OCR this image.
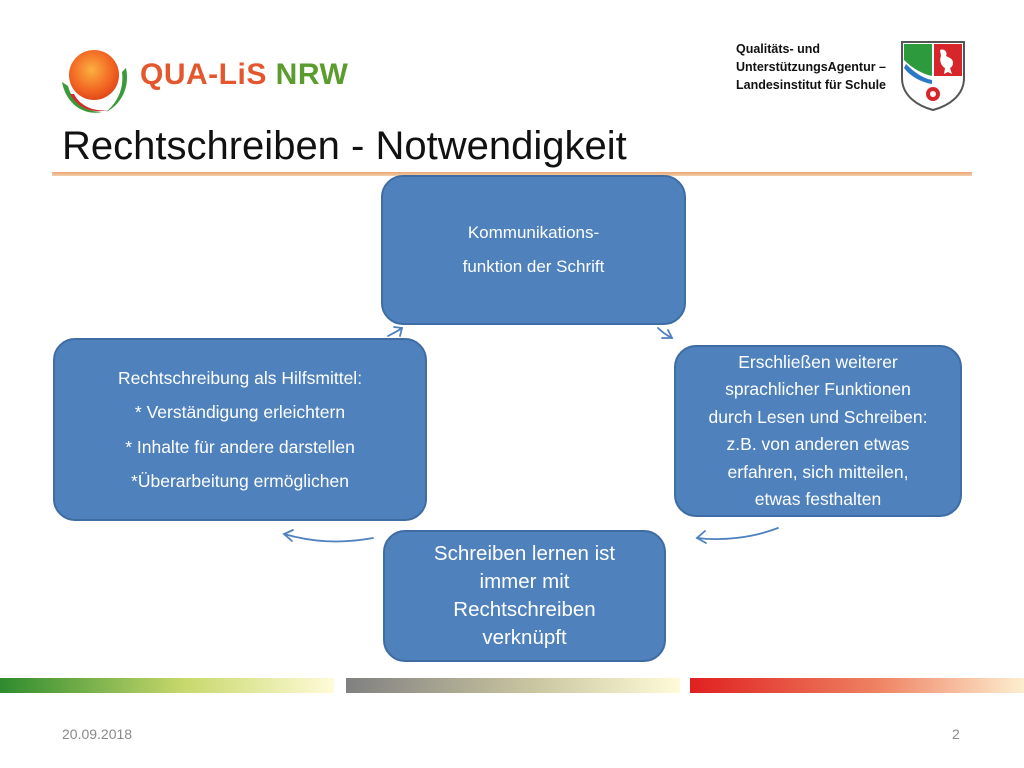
QUA-LiS NRW
Qualitäts- und
UnterstützungsAgentur –
Landesinstitut für Schule
Rechtschreiben - Notwendigkeit
Kommunikations-
funktion der Schrift
Erschließen weiterer
sprachlicher Funktionen
durch Lesen und Schreiben:
z.B. von anderen etwas
erfahren, sich mitteilen,
etwas festhalten
Schreiben lernen ist
immer mit
Rechtschreiben
verknüpft
Rechtschreibung als Hilfsmittel:
* Verständigung erleichtern
* Inhalte für andere darstellen
*Überarbeitung ermöglichen
20.09.2018	2
